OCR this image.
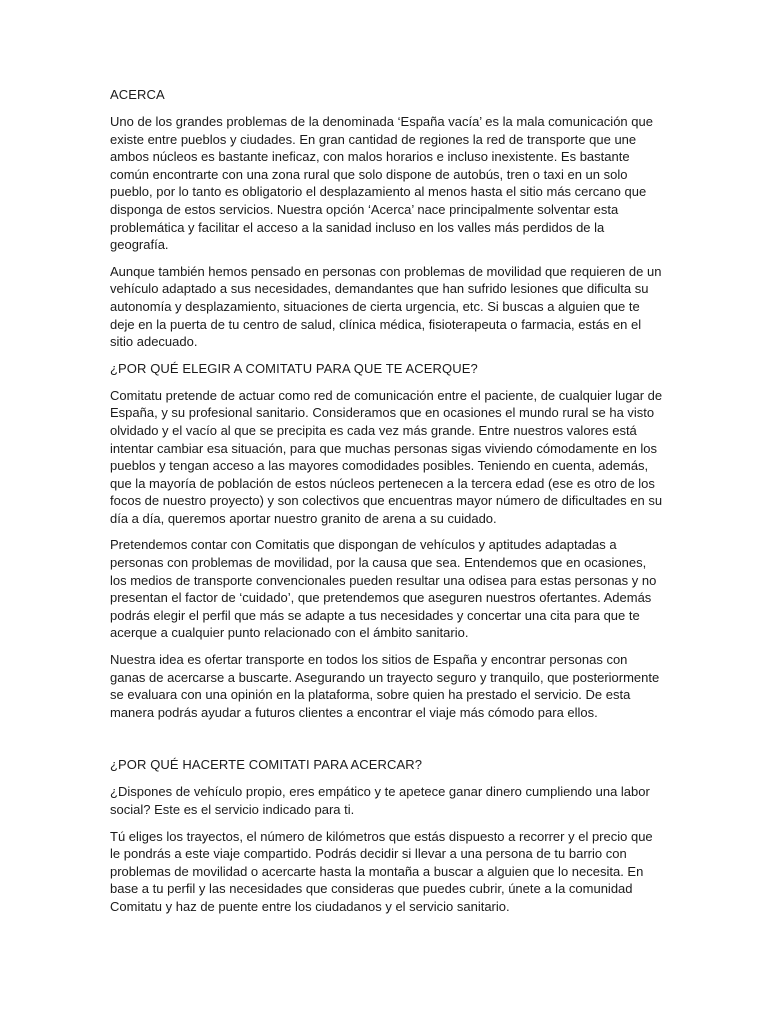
ACERCA

Uno de los grandes problemas de la denominada ‘España vacía’ es la mala comunicación que existe entre pueblos y ciudades. En gran cantidad de regiones la red de transporte que une ambos núcleos es bastante ineficaz, con malos horarios e incluso inexistente. Es bastante común encontrarte con una zona rural que solo dispone de autobús, tren o taxi en un solo pueblo, por lo tanto es obligatorio el desplazamiento al menos hasta el sitio más cercano que disponga de estos servicios. Nuestra opción ‘Acerca’ nace principalmente solventar esta problemática y facilitar el acceso a la sanidad incluso en los valles más perdidos de la geografía.

Aunque también hemos pensado en personas con problemas de movilidad que requieren de un vehículo adaptado a sus necesidades, demandantes que han sufrido lesiones que dificulta su autonomía y desplazamiento, situaciones de cierta urgencia, etc. Si buscas a alguien que te deje en la puerta de tu centro de salud, clínica médica, fisioterapeuta o farmacia, estás en el sitio adecuado.

¿POR QUÉ ELEGIR A COMITATU PARA QUE TE ACERQUE?

Comitatu pretende de actuar como red de comunicación entre el paciente, de cualquier lugar de España, y su profesional sanitario. Consideramos que en ocasiones el mundo rural se ha visto olvidado y el vacío al que se precipita es cada vez más grande. Entre nuestros valores está intentar cambiar esa situación, para que muchas personas sigas viviendo cómodamente en los pueblos y tengan acceso a las mayores comodidades posibles. Teniendo en cuenta, además, que la mayoría de población de estos núcleos pertenecen a la tercera edad (ese es otro de los focos de nuestro proyecto) y son colectivos que encuentras mayor número de dificultades en su día a día, queremos aportar nuestro granito de arena a su cuidado.

Pretendemos contar con Comitatis que dispongan de vehículos y aptitudes adaptadas a personas con problemas de movilidad, por la causa que sea. Entendemos que en ocasiones, los medios de transporte convencionales pueden resultar una odisea para estas personas y no presentan el factor de ‘cuidado’, que pretendemos que aseguren nuestros ofertantes. Además podrás elegir el perfil que más se adapte a tus necesidades y concertar una cita para que te acerque a cualquier punto relacionado con el ámbito sanitario.

Nuestra idea es ofertar transporte en todos los sitios de España y encontrar personas con ganas de acercarse a buscarte. Asegurando un trayecto seguro y tranquilo, que posteriormente se evaluara con una opinión en la plataforma, sobre quien ha prestado el servicio. De esta manera podrás ayudar a futuros clientes a encontrar el viaje más cómodo para ellos.

¿POR QUÉ HACERTE COMITATI PARA ACERCAR?

¿Dispones de vehículo propio, eres empático y te apetece ganar dinero cumpliendo una labor social? Este es el servicio indicado para ti.

Tú eliges los trayectos, el número de kilómetros que estás dispuesto a recorrer y el precio que le pondrás a este viaje compartido. Podrás decidir si llevar a una persona de tu barrio con problemas de movilidad o acercarte hasta la montaña a buscar a alguien que lo necesita. En base a tu perfil y las necesidades que consideras que puedes cubrir, únete a la comunidad Comitatu y haz de puente entre los ciudadanos y el servicio sanitario.
